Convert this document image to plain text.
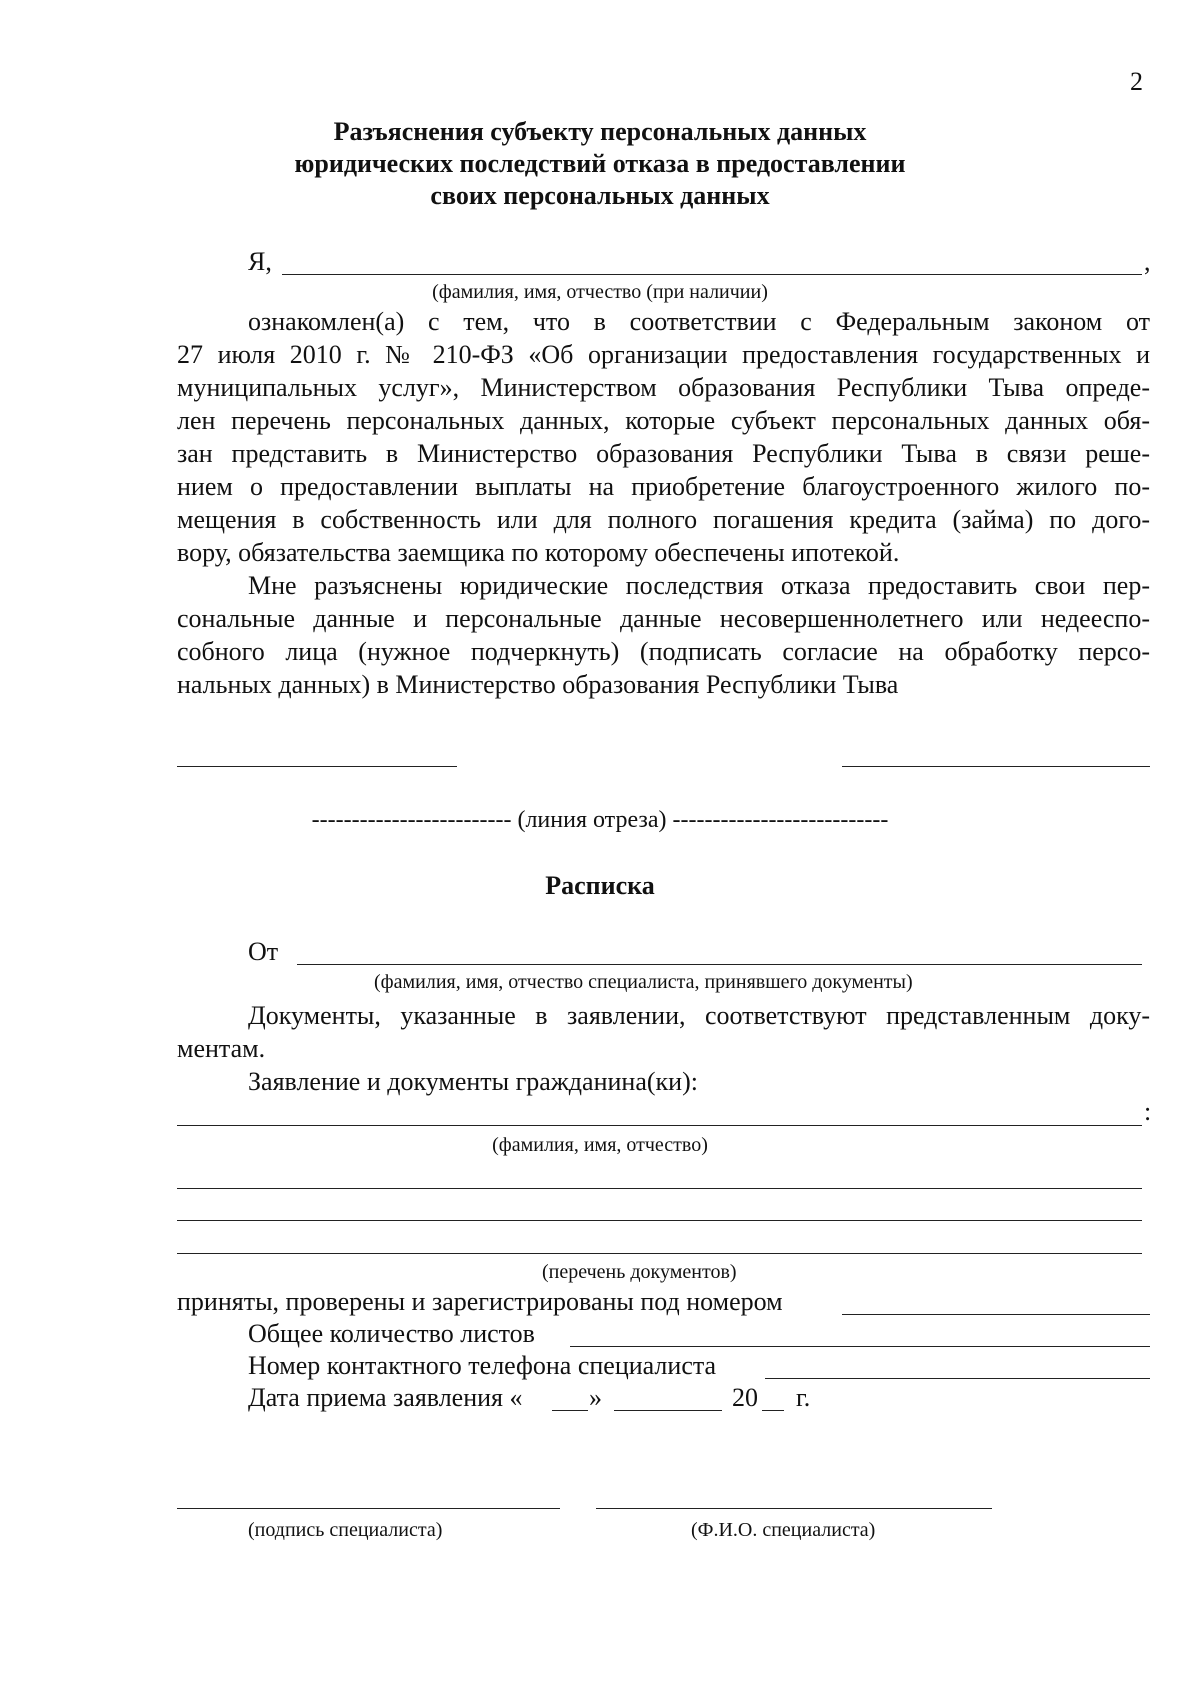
2
Разъяснения субъекту персональных данных
юридических последствий отказа в предоставлении
своих персональных данных
Я,	,
(фамилия, имя, отчество (при наличии)
ознакомлен(а) с тем, что в соответствии с Федеральным законом от
27 июля 2010 г. № 210-ФЗ «Об организации предоставления государственных и
муниципальных услуг», Министерством образования Республики Тыва опреде-
лен перечень персональных данных, которые субъект персональных данных обя-
зан представить в Министерство образования Республики Тыва в связи реше-
нием о предоставлении выплаты на приобретение благоустроенного жилого по-
мещения в собственность или для полного погашения кредита (займа) по дого-
вору, обязательства заемщика по которому обеспечены ипотекой.
Мне разъяснены юридические последствия отказа предоставить свои пер-
сональные данные и персональные данные несовершеннолетнего или недееспо-
собного лица (нужное подчеркнуть) (подписать согласие на обработку персо-
нальных данных) в Министерство образования Республики Тыва
------------------------- (линия отреза) ---------------------------
Расписка
От
(фамилия, имя, отчество специалиста, принявшего документы)
Документы, указанные в заявлении, соответствуют представленным доку-
ментам.
Заявление и документы гражданина(ки):
:
(фамилия, имя, отчество)
(перечень документов)
приняты, проверены и зарегистрированы под номером
Общее количество листов
Номер контактного телефона специалиста
Дата приема заявления «	»	20 г.
(подпись специалиста)	(Ф.И.О. специалиста)
